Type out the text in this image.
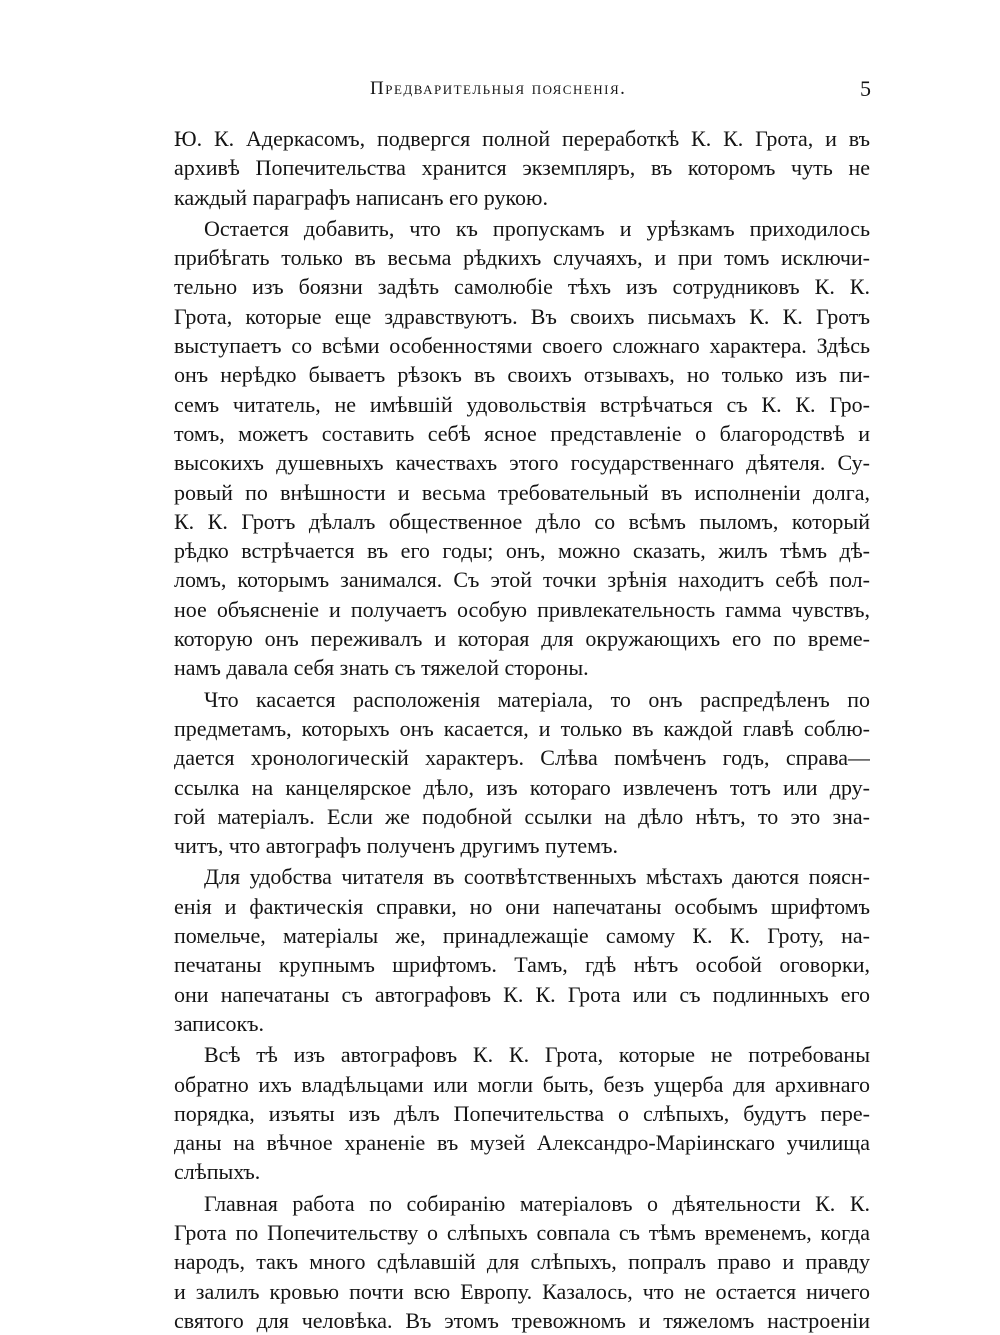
Предварительныя поясненія.	5
Ю. К. Адеркасомъ, подвергся полной переработкѣ К. К. Грота, и въ
архивѣ Попечительства хранится экземпляръ, въ которомъ чуть не
каждый параграфъ написанъ его рукою.
Остается добавить, что къ пропускамъ и урѣзкамъ приходилось
прибѣгать только въ весьма рѣдкихъ случаяхъ, и при томъ исключи-
тельно изъ боязни задѣть самолюбіе тѣхъ изъ сотрудниковъ К. К.
Грота, которые еще здравствуютъ. Въ своихъ письмахъ К. К. Гротъ
выступаетъ со всѣми особенностями своего сложнаго характера. Здѣсь
онъ нерѣдко бываетъ рѣзокъ въ своихъ отзывахъ, но только изъ пи-
семъ читатель, не имѣвшій удовольствія встрѣчаться съ К. К. Гро-
томъ, можетъ составить себѣ ясное представленіе о благородствѣ и
высокихъ душевныхъ качествахъ этого государственнаго дѣятеля. Су-
ровый по внѣшности и весьма требовательный въ исполненіи долга,
К. К. Гротъ дѣлалъ общественное дѣло со всѣмъ пыломъ, который
рѣдко встрѣчается въ его годы; онъ, можно сказать, жилъ тѣмъ дѣ-
ломъ, которымъ занимался. Съ этой точки зрѣнія находитъ себѣ пол-
ное объясненіе и получаетъ особую привлекательность гамма чувствъ,
которую онъ переживалъ и которая для окружающихъ его по време-
намъ давала себя знать съ тяжелой стороны.
Что касается расположенія матеріала, то онъ распредѣленъ по
предметамъ, которыхъ онъ касается, и только въ каждой главѣ соблю-
дается хронологическій характеръ. Слѣва помѣченъ годъ, справа—
ссылка на канцелярское дѣло, изъ котораго извлеченъ тотъ или дру-
гой матеріалъ. Если же подобной ссылки на дѣло нѣтъ, то это зна-
читъ, что автографъ полученъ другимъ путемъ.
Для удобства читателя въ соотвѣтственныхъ мѣстахъ даются поясн-
енія и фактическія справки, но они напечатаны особымъ шрифтомъ
помельче, матеріалы же, принадлежащіе самому К. К. Гроту, на-
печатаны крупнымъ шрифтомъ. Тамъ, гдѣ нѣтъ особой оговорки,
они напечатаны съ автографовъ К. К. Грота или съ подлинныхъ его
записокъ.
Всѣ тѣ изъ автографовъ К. К. Грота, которые не потребованы
обратно ихъ владѣльцами или могли быть, безъ ущерба для архивнаго
порядка, изъяты изъ дѣлъ Попечительства о слѣпыхъ, будутъ пере-
даны на вѣчное храненіе въ музей Александро-Маріинскаго училища
слѣпыхъ.
Главная работа по собиранію матеріаловъ о дѣятельности К. К.
Грота по Попечительству о слѣпыхъ совпала съ тѣмъ временемъ, когда
народъ, такъ много сдѣлавшій для слѣпыхъ, попралъ право и правду
и залилъ кровью почти всю Европу. Казалось, что не остается ничего
святого для человѣка. Въ этомъ тревожномъ и тяжеломъ настроеніи
